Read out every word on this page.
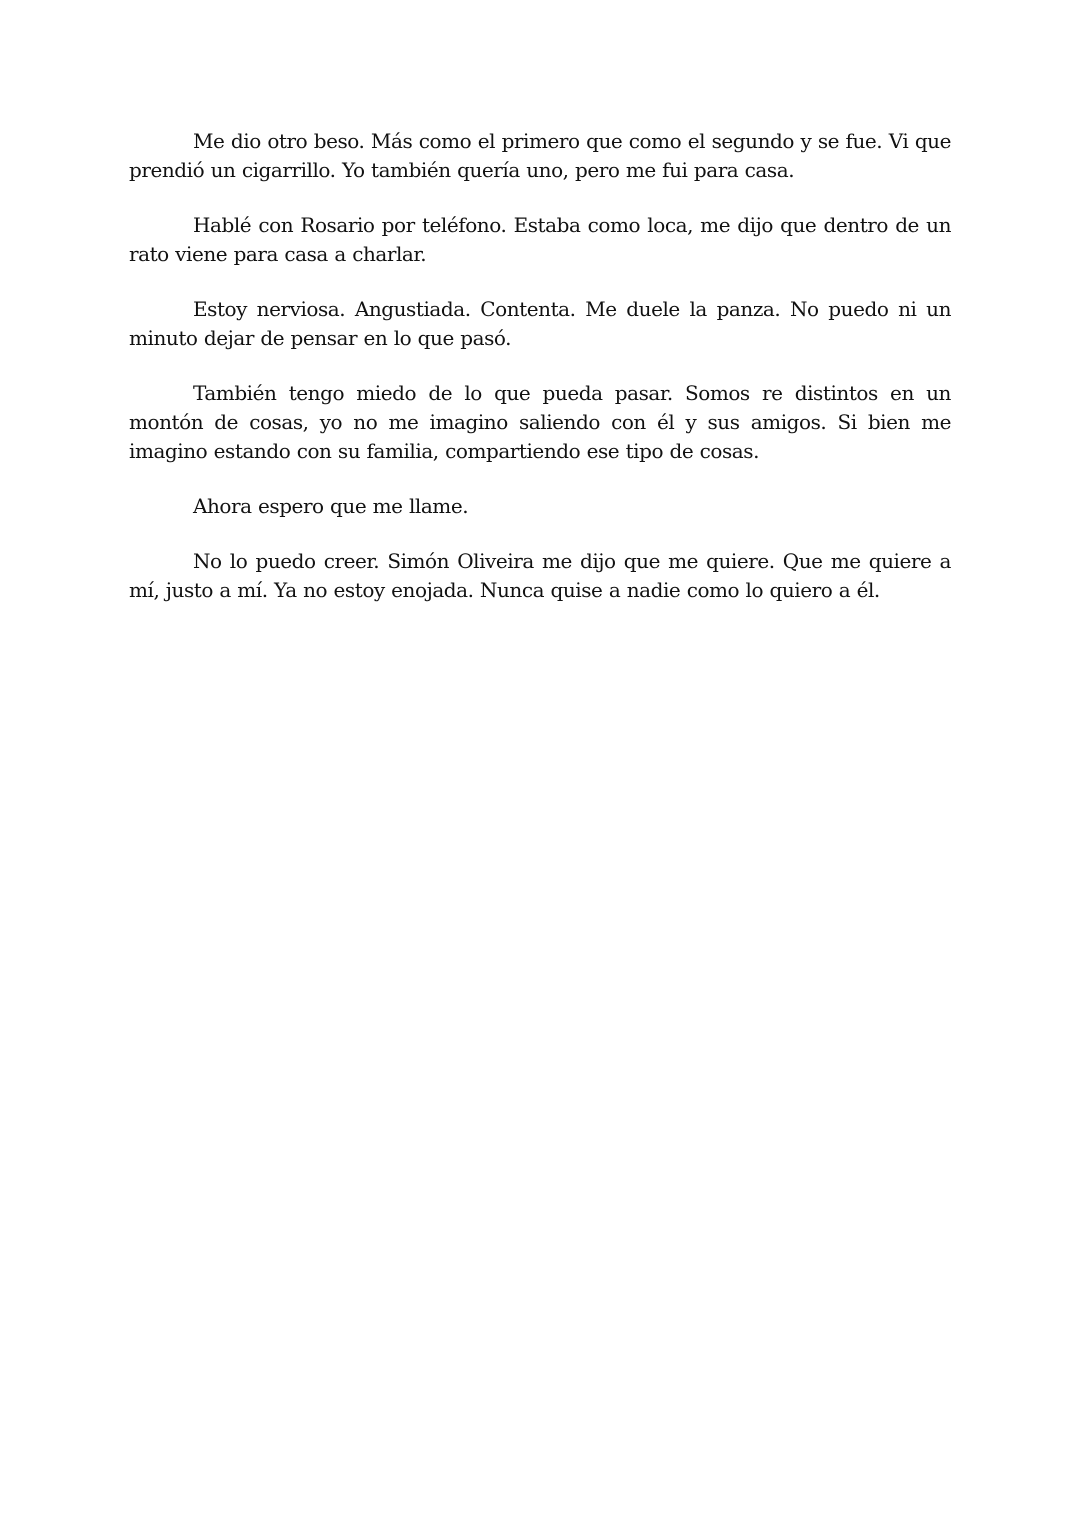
Me dio otro beso. Más como el primero que como el segundo y se fue. Vi que prendió un cigarrillo. Yo también quería uno, pero me fui para casa.

Hablé con Rosario por teléfono. Estaba como loca, me dijo que dentro de un rato viene para casa a charlar.

Estoy nerviosa. Angustiada. Contenta. Me duele la panza. No puedo ni un minuto dejar de pensar en lo que pasó.

También tengo miedo de lo que pueda pasar. Somos re distintos en un montón de cosas, yo no me imagino saliendo con él y sus amigos. Si bien me imagino estando con su familia, compartiendo ese tipo de cosas.

Ahora espero que me llame.

No lo puedo creer. Simón Oliveira me dijo que me quiere. Que me quiere a mí, justo a mí. Ya no estoy enojada. Nunca quise a nadie como lo quiero a él.
